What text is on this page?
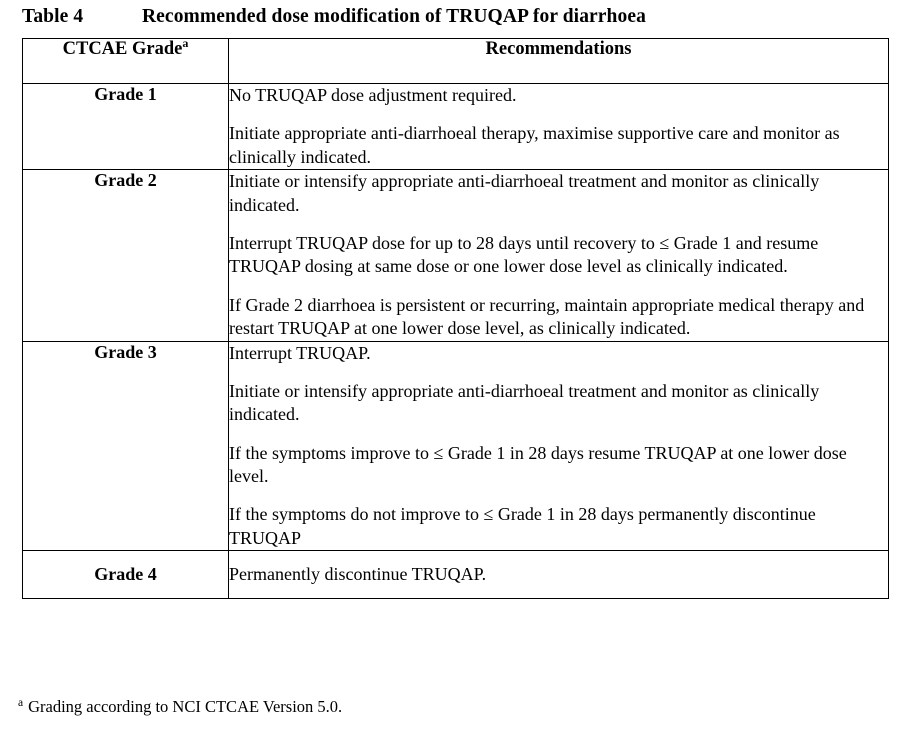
Table 4	Recommended dose modification of TRUQAP for diarrhoea
CTCAE Grade$^a$	Recommendations
Grade 1	No TRUQAP dose adjustment required.

Initiate appropriate anti-diarrhoeal therapy, maximise supportive care and monitor as clinically indicated.

Grade 2	Initiate or intensify appropriate anti-diarrhoeal treatment and monitor as clinically indicated.

Interrupt TRUQAP dose for up to 28 days until recovery to ≤ Grade 1 and resume TRUQAP dosing at same dose or one lower dose level as clinically indicated.

If Grade 2 diarrhoea is persistent or recurring, maintain appropriate medical therapy and restart TRUQAP at one lower dose level, as clinically indicated.

Grade 3	Interrupt TRUQAP.

Initiate or intensify appropriate anti-diarrhoeal treatment and monitor as clinically indicated.

If the symptoms improve to ≤ Grade 1 in 28 days resume TRUQAP at one lower dose level.

If the symptoms do not improve to ≤ Grade 1 in 28 days permanently discontinue TRUQAP

Grade 4	Permanently discontinue TRUQAP.

$^a$ Grading according to NCI CTCAE Version 5.0.
